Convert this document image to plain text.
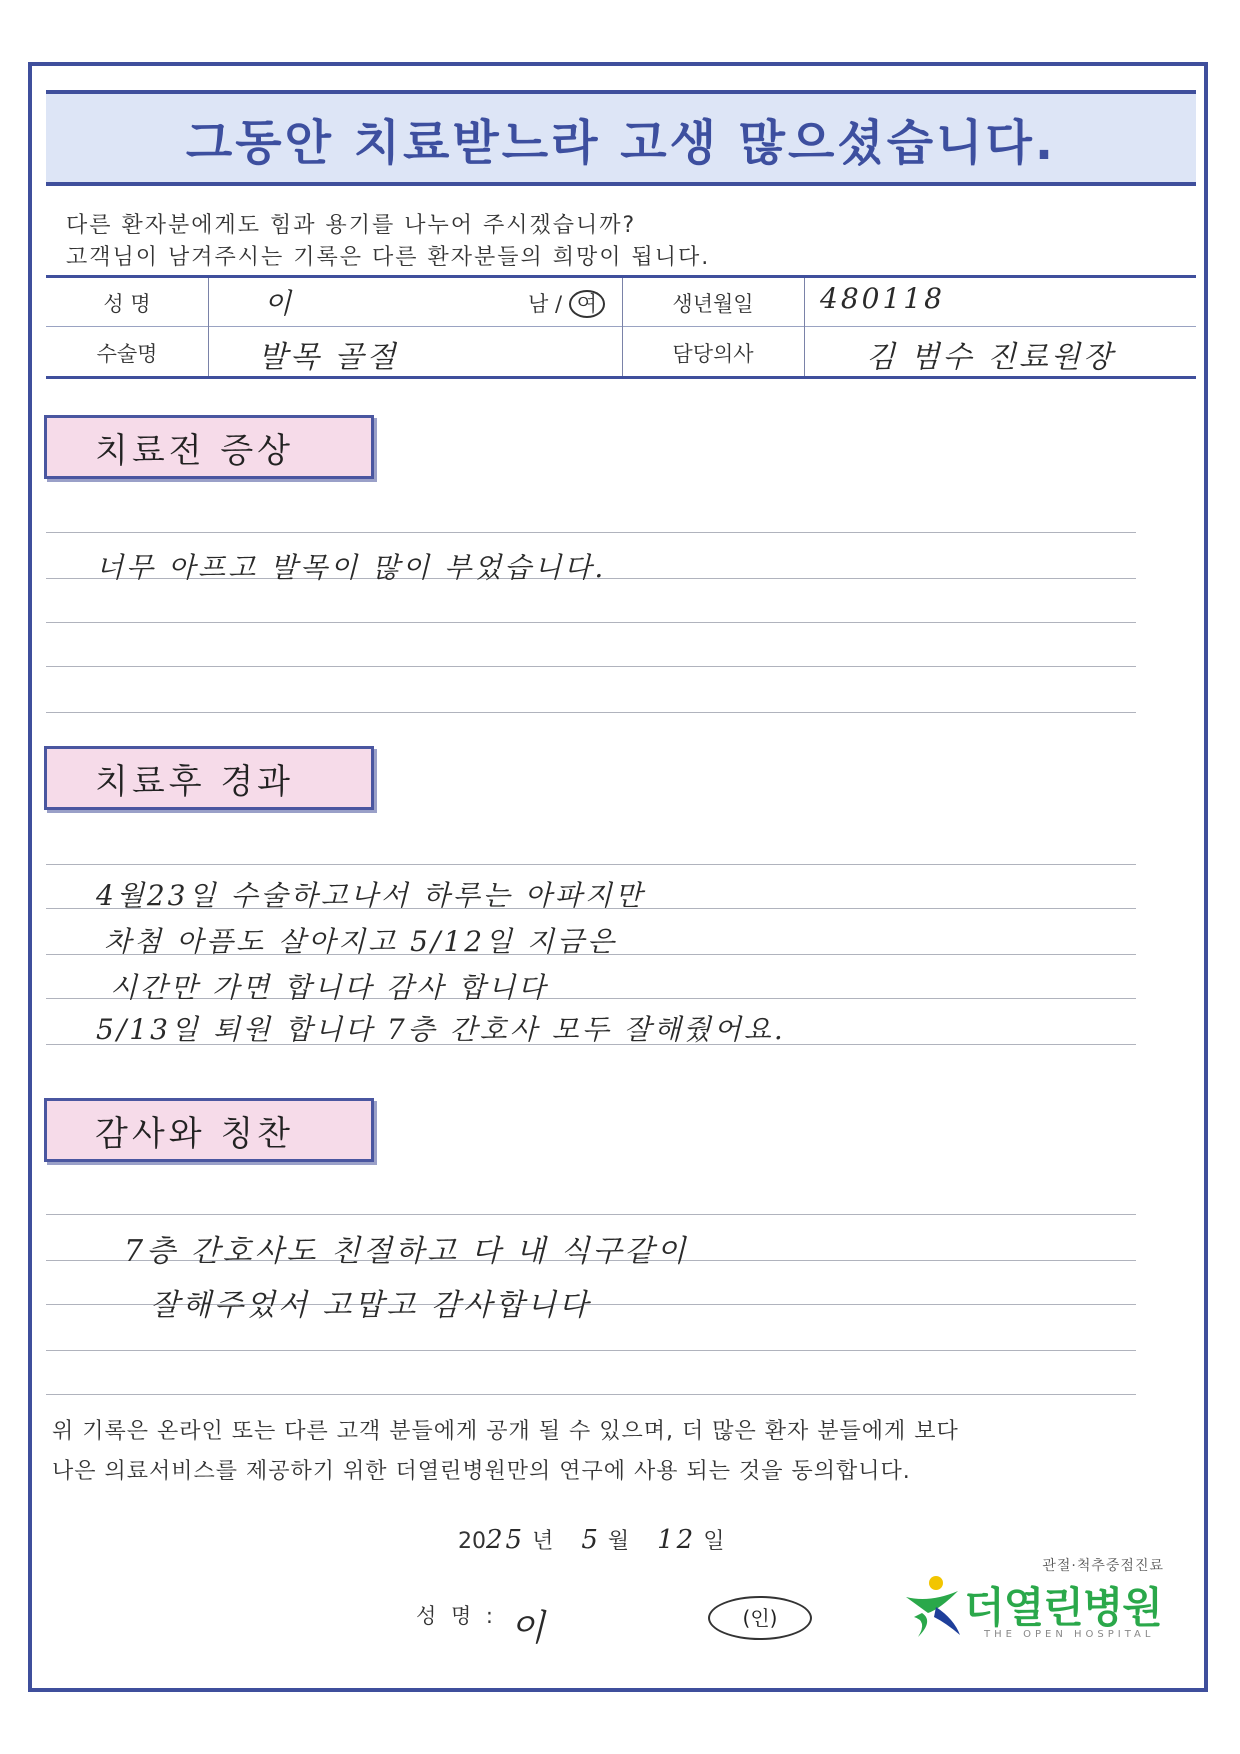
그동안 치료받느라 고생 많으셨습니다.
다른 환자분에게도 힘과 용기를 나누어 주시겠습니까?
고객님이 남겨주시는 기록은 다른 환자분들의 희망이 됩니다.
성 명	이	남 / 여	생년월일	480118
수술명	발목 골절	담당의사	김 범수 진료원장
치료전 증상
너무 아프고 발목이 많이 부었습니다.
치료후 경과
4월23일 수술하고나서 하루는 아파지만
차첨 아픔도 살아지고 5/12일 지금은
시간만 가면 합니다 감사 합니다
5/13일 퇴원 합니다 7층 간호사 모두 잘해줬어요.
감사와 칭찬
7층 간호사도 친절하고 다 내 식구같이
잘해주었서 고맙고 감사합니다
위 기록은 온라인 또는 다른 고객 분들에게 공개 될 수 있으며, 더 많은 환자 분들에게 보다
나은 의료서비스를 제공하기 위한 더열린병원만의 연구에 사용 되는 것을 동의합니다.
2025 년 5 월 12 일
성 명 : 이	(인)
관절·척추중점진료
더열린병원
THE OPEN HOSPITAL
